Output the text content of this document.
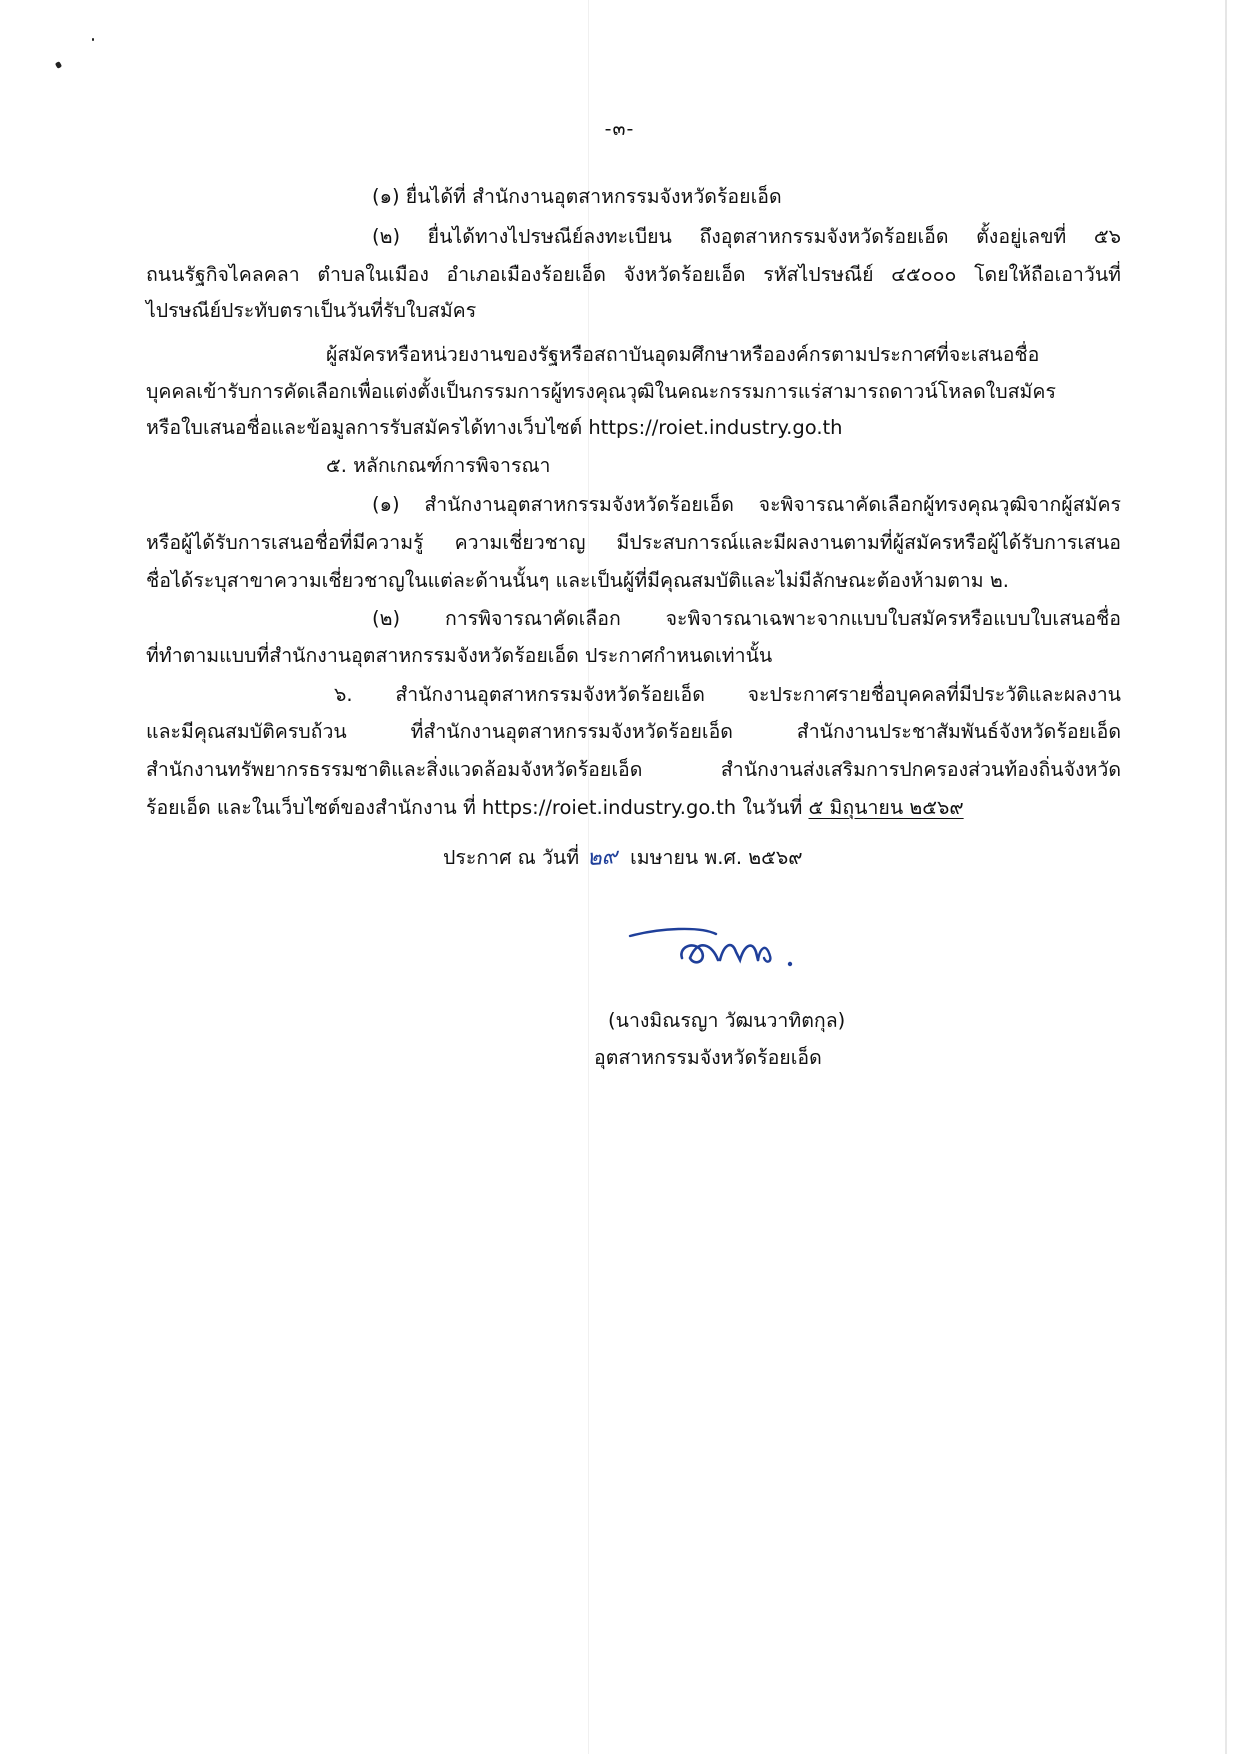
-๓-
(๑) ยื่นได้ที่ สำนักงานอุตสาหกรรมจังหวัดร้อยเอ็ด
(๒) ยื่นได้ทางไปรษณีย์ลงทะเบียน ถึงอุตสาหกรรมจังหวัดร้อยเอ็ด ตั้งอยู่เลขที่ ๕๖
ถนนรัฐกิจไคลคลา ตำบลในเมือง อำเภอเมืองร้อยเอ็ด จังหวัดร้อยเอ็ด รหัสไปรษณีย์ ๔๕๐๐๐ โดยให้ถือเอาวันที่
ไปรษณีย์ประทับตราเป็นวันที่รับใบสมัคร
ผู้สมัครหรือหน่วยงานของรัฐหรือสถาบันอุดมศึกษาหรือองค์กรตามประกาศที่จะเสนอชื่อ
บุคคลเข้ารับการคัดเลือกเพื่อแต่งตั้งเป็นกรรมการผู้ทรงคุณวุฒิในคณะกรรมการแร่สามารถดาวน์โหลดใบสมัคร
หรือใบเสนอชื่อและข้อมูลการรับสมัครได้ทางเว็บไซต์ https://roiet.industry.go.th
๕. หลักเกณฑ์การพิจารณา
(๑) สำนักงานอุตสาหกรรมจังหวัดร้อยเอ็ด จะพิจารณาคัดเลือกผู้ทรงคุณวุฒิจากผู้สมัคร
หรือผู้ได้รับการเสนอชื่อที่มีความรู้ ความเชี่ยวชาญ มีประสบการณ์และมีผลงานตามที่ผู้สมัครหรือผู้ได้รับการเสนอ
ชื่อได้ระบุสาขาความเชี่ยวชาญในแต่ละด้านนั้นๆ และเป็นผู้ที่มีคุณสมบัติและไม่มีลักษณะต้องห้ามตาม ๒.
(๒) การพิจารณาคัดเลือก จะพิจารณาเฉพาะจากแบบใบสมัครหรือแบบใบเสนอชื่อ
ที่ทำตามแบบที่สำนักงานอุตสาหกรรมจังหวัดร้อยเอ็ด ประกาศกำหนดเท่านั้น
๖. สำนักงานอุตสาหกรรมจังหวัดร้อยเอ็ด จะประกาศรายชื่อบุคคลที่มีประวัติและผลงาน
และมีคุณสมบัติครบถ้วน ที่สำนักงานอุตสาหกรรมจังหวัดร้อยเอ็ด สำนักงานประชาสัมพันธ์จังหวัดร้อยเอ็ด
สำนักงานทรัพยากรธรรมชาติและสิ่งแวดล้อมจังหวัดร้อยเอ็ด สำนักงานส่งเสริมการปกครองส่วนท้องถิ่นจังหวัด
ร้อยเอ็ด และในเว็บไซต์ของสำนักงาน ที่ https://roiet.industry.go.th ในวันที่ ๕ มิถุนายน ๒๕๖๙
ประกาศ ณ วันที่ ๒๙ เมษายน พ.ศ. ๒๕๖๙
(นางมิณรญา วัฒนวาทิตกุล)
อุตสาหกรรมจังหวัดร้อยเอ็ด
